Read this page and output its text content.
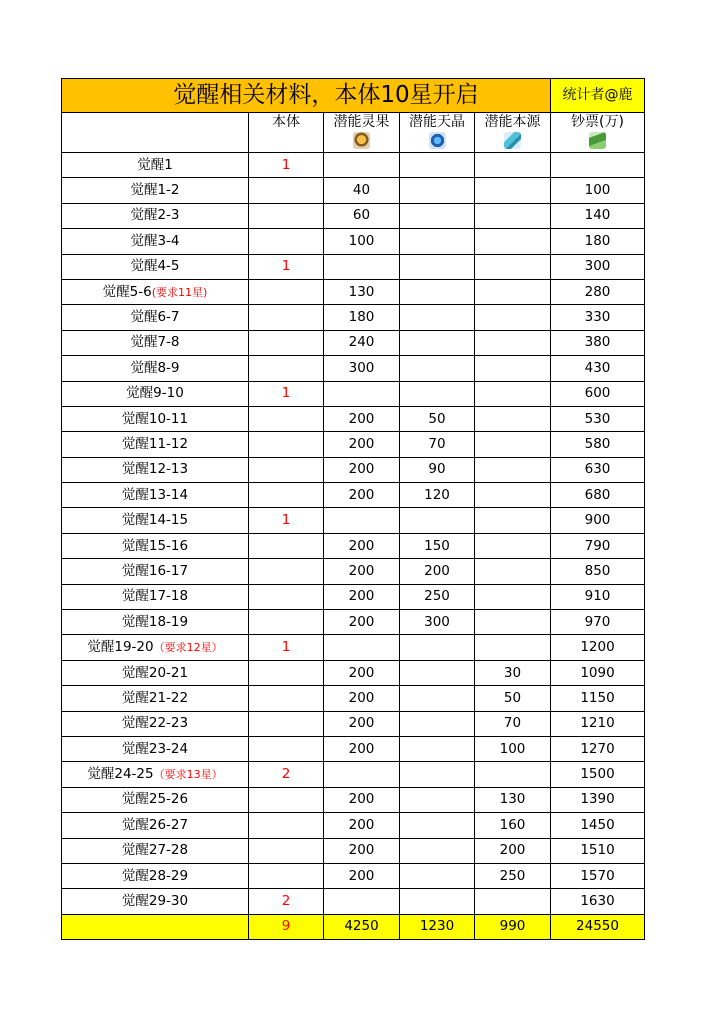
觉醒相关材料，本体10星开启					统计者@鹿
	本体	潜能灵果	潜能天晶	潜能本源	钞票(万)

觉醒1	1				
觉醒1-2		40			100
觉醒2-3		60			140
觉醒3-4		100			180
觉醒4-5	1				300
觉醒5-6(要求11星)		130			280
觉醒6-7		180			330
觉醒7-8		240			380
觉醒8-9		300			430
觉醒9-10	1				600
觉醒10-11		200	50		530
觉醒11-12		200	70		580
觉醒12-13		200	90		630
觉醒13-14		200	120		680
觉醒14-15	1				900
觉醒15-16		200	150		790
觉醒16-17		200	200		850
觉醒17-18		200	250		910
觉醒18-19		200	300		970
觉醒19-20（要求12星）	1				1200
觉醒20-21		200		30	1090
觉醒21-22		200		50	1150
觉醒22-23		200		70	1210
觉醒23-24		200		100	1270
觉醒24-25（要求13星）	2				1500
觉醒25-26		200		130	1390
觉醒26-27		200		160	1450
觉醒27-28		200		200	1510
觉醒28-29		200		250	1570
觉醒29-30	2				1630
	9	4250	1230	990	24550
